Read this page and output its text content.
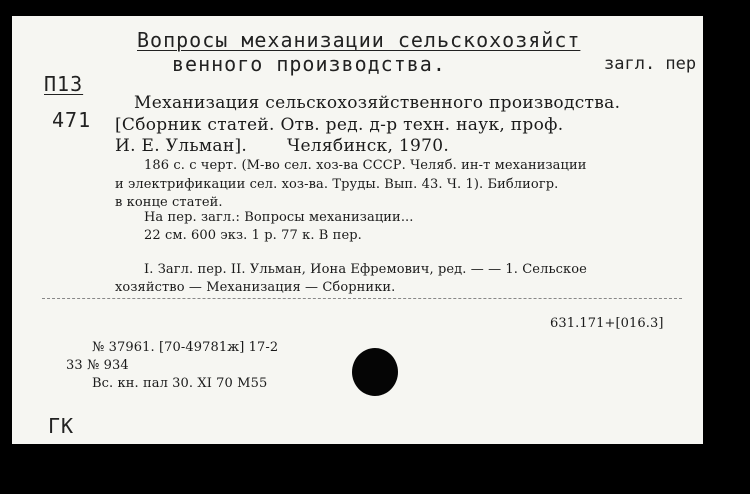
Вопросы механизации сельскохозяйст
венного производства.	загл. пер
П13
471
Механизация сельскохозяйственного производства.
[Сборник статей. Отв. ред. д-р техн. наук, проф.
И. Е. Ульман]. Челябинск, 1970.
186 с. с черт. (М-во сел. хоз-ва СССР. Челяб. ин-т механизации
и электрификации сел. хоз-ва. Труды. Вып. 43. Ч. 1). Библиогр.
в конце статей.
На пер. загл.: Вопросы механизации...
22 см. 600 экз. 1 р. 77 к. В пер.
I. Загл. пер. II. Ульман, Иона Ефремович, ред. — — 1. Сельское
хозяйство — Механизация — Сборники.
631.171+[016.3]
№ 37961. [70-49781ж] 17-2
33 № 934
Вс. кн. пал 30. XI 70 М55
ГК
